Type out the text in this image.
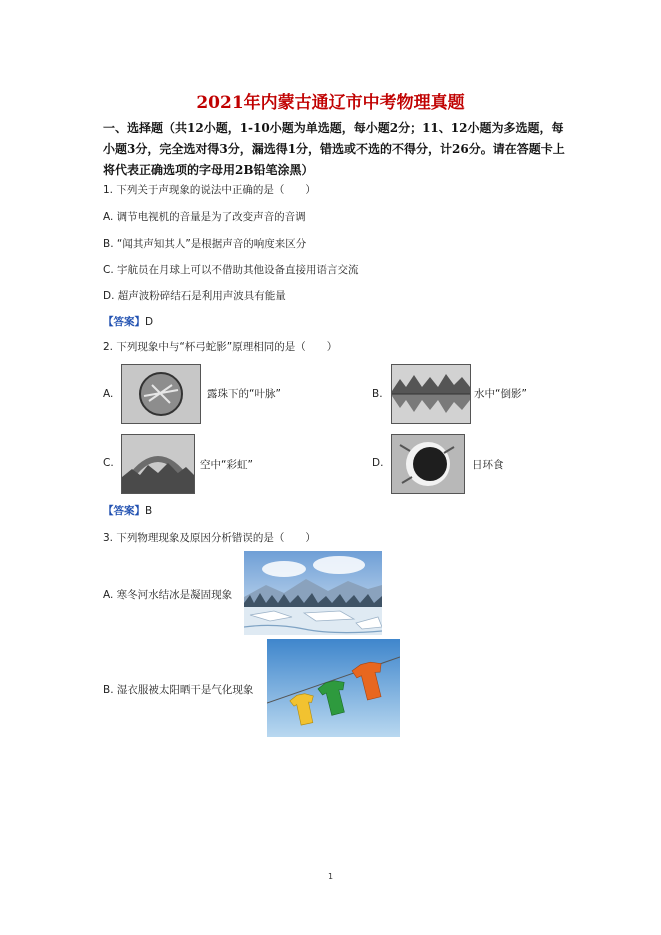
2021年内蒙古通辽市中考物理真题
一、选择题（共12小题，1-10小题为单选题，每小题2分；11、12小题为多选题，每小题3分，完全选对得3分，漏选得1分，错选或不选的不得分，计26分。请在答题卡上将代表正确选项的字母用2B铅笔涂黑）
1. 下列关于声现象的说法中正确的是（　　）
A. 调节电视机的音量是为了改变声音的音调
B. “闻其声知其人”是根据声音的响度来区分
C. 宇航员在月球上可以不借助其他设备直接用语言交流
D. 超声波粉碎结石是利用声波具有能量
【答案】D
2. 下列现象中与“杯弓蛇影”原理相同的是（　　）
A.	露珠下的“叶脉”	B.	水中“倒影”
C.	空中“彩虹”	D.	日环食
【答案】B
3. 下列物理现象及原因分析错误的是（　　）
A. 寒冬河水结冰是凝固现象
B. 湿衣服被太阳晒干是气化现象
1
